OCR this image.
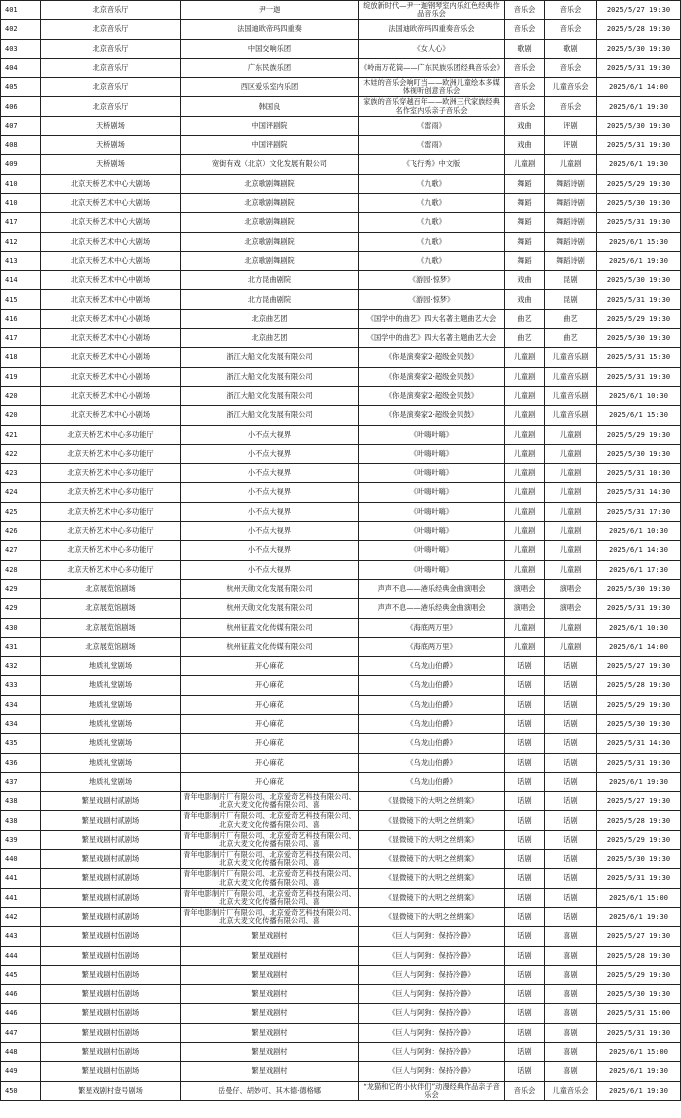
401	北京音乐厅	尹一迦	绽放新时代—尹一迦钢琴室内乐红色经典作品音乐会	音乐会	音乐会	2025/5/27 19:30
402	北京音乐厅	法国迪欧帝玛四重奏	法国迪欧帝玛四重奏音乐会	音乐会	音乐会	2025/5/28 19:30
403	北京音乐厅	中国交响乐团	《女人心》	歌剧	歌剧	2025/5/30 19:30
404	北京音乐厅	广东民族乐团	《岭南万花筒——广东民族乐团经典音乐会》	音乐会	音乐会	2025/5/31 19:30
405	北京音乐厅	西区爱乐室内乐团	木娃的音乐会响叮当——欧洲儿童绘本多媒体视听创意音乐会	音乐会	儿童音乐会	2025/6/1 14:00
406	北京音乐厅	韩国良	家族的音乐穿越百年——欧洲三代家族经典名作室内乐亲子音乐会	音乐会	音乐会	2025/6/1 19:30
407	天桥剧场	中国评剧院	《雷雨》	戏曲	评剧	2025/5/30 19:30
408	天桥剧场	中国评剧院	《雷雨》	戏曲	评剧	2025/5/31 19:30
409	天桥剧场	宽街有戏（北京）文化发展有限公司	《飞行秀》中文版	儿童剧	儿童剧	2025/6/1 19:30
410	北京天桥艺术中心大剧场	北京歌剧舞剧院	《九歌》	舞蹈	舞蹈诗剧	2025/5/29 19:30
410	北京天桥艺术中心大剧场	北京歌剧舞剧院	《九歌》	舞蹈	舞蹈诗剧	2025/5/30 19:30
417	北京天桥艺术中心大剧场	北京歌剧舞剧院	《九歌》	舞蹈	舞蹈诗剧	2025/5/31 19:30
412	北京天桥艺术中心大剧场	北京歌剧舞剧院	《九歌》	舞蹈	舞蹈诗剧	2025/6/1 15:30
413	北京天桥艺术中心大剧场	北京歌剧舞剧院	《九歌》	舞蹈	舞蹈诗剧	2025/6/1 19:30
414	北京天桥艺术中心中剧场	北方昆曲剧院	《游园·惊梦》	戏曲	昆剧	2025/5/30 19:30
415	北京天桥艺术中心中剧场	北方昆曲剧院	《游园·惊梦》	戏曲	昆剧	2025/5/31 19:30
416	北京天桥艺术中心小剧场	北京曲艺团	《国学中的曲艺》四大名著主题曲艺大会	曲艺	曲艺	2025/5/29 19:30
417	北京天桥艺术中心小剧场	北京曲艺团	《国学中的曲艺》四大名著主题曲艺大会	曲艺	曲艺	2025/5/30 19:30
418	北京天桥艺术中心小剧场	浙江大船文化发展有限公司	《你是演奏家2·超级金贝鼓》	儿童剧	儿童音乐剧	2025/5/31 15:30
419	北京天桥艺术中心小剧场	浙江大船文化发展有限公司	《你是演奏家2·超级金贝鼓》	儿童剧	儿童音乐剧	2025/5/31 19:30
420	北京天桥艺术中心小剧场	浙江大船文化发展有限公司	《你是演奏家2·超级金贝鼓》	儿童剧	儿童音乐剧	2025/6/1 10:30
420	北京天桥艺术中心小剧场	浙江大船文化发展有限公司	《你是演奏家2·超级金贝鼓》	儿童剧	儿童音乐剧	2025/6/1 15:30
421	北京天桥艺术中心多功能厅	小不点大视界	《叶嗨叶嗨》	儿童剧	儿童剧	2025/5/29 19:30
422	北京天桥艺术中心多功能厅	小不点大视界	《叶嗨叶嗨》	儿童剧	儿童剧	2025/5/30 19:30
423	北京天桥艺术中心多功能厅	小不点大视界	《叶嗨叶嗨》	儿童剧	儿童剧	2025/5/31 10:30
424	北京天桥艺术中心多功能厅	小不点大视界	《叶嗨叶嗨》	儿童剧	儿童剧	2025/5/31 14:30
425	北京天桥艺术中心多功能厅	小不点大视界	《叶嗨叶嗨》	儿童剧	儿童剧	2025/5/31 17:30
426	北京天桥艺术中心多功能厅	小不点大视界	《叶嗨叶嗨》	儿童剧	儿童剧	2025/6/1 10:30
427	北京天桥艺术中心多功能厅	小不点大视界	《叶嗨叶嗨》	儿童剧	儿童剧	2025/6/1 14:30
428	北京天桥艺术中心多功能厅	小不点大视界	《叶嗨叶嗨》	儿童剧	儿童剧	2025/6/1 17:30
429	北京展览馆剧场	杭州天勋文化发展有限公司	声声不息——港乐经典金曲演唱会	演唱会	演唱会	2025/5/30 19:30
429	北京展览馆剧场	杭州天勋文化发展有限公司	声声不息——港乐经典金曲演唱会	演唱会	演唱会	2025/5/31 19:30
430	北京展览馆剧场	杭州征蓝文化传媒有限公司	《海底两万里》	儿童剧	儿童剧	2025/6/1 10:30
431	北京展览馆剧场	杭州征蓝文化传媒有限公司	《海底两万里》	儿童剧	儿童剧	2025/6/1 14:00
432	地质礼堂剧场	开心麻花	《乌龙山伯爵》	话剧	话剧	2025/5/27 19:30
433	地质礼堂剧场	开心麻花	《乌龙山伯爵》	话剧	话剧	2025/5/28 19:30
434	地质礼堂剧场	开心麻花	《乌龙山伯爵》	话剧	话剧	2025/5/29 19:30
434	地质礼堂剧场	开心麻花	《乌龙山伯爵》	话剧	话剧	2025/5/30 19:30
435	地质礼堂剧场	开心麻花	《乌龙山伯爵》	话剧	话剧	2025/5/31 14:30
436	地质礼堂剧场	开心麻花	《乌龙山伯爵》	话剧	话剧	2025/5/31 19:30
437	地质礼堂剧场	开心麻花	《乌龙山伯爵》	话剧	话剧	2025/6/1 19:30
438	繁星戏剧村贰剧场	青年电影制片厂有限公司、北京爱奇艺科技有限公司、北京大麦文化传播有限公司、喜	《显微镜下的大明之丝绢案》	话剧	话剧	2025/5/27 19:30
438	繁星戏剧村贰剧场	青年电影制片厂有限公司、北京爱奇艺科技有限公司、北京大麦文化传播有限公司、喜	《显微镜下的大明之丝绢案》	话剧	话剧	2025/5/28 19:30
439	繁星戏剧村贰剧场	青年电影制片厂有限公司、北京爱奇艺科技有限公司、北京大麦文化传播有限公司、喜	《显微镜下的大明之丝绢案》	话剧	话剧	2025/5/29 19:30
440	繁星戏剧村贰剧场	青年电影制片厂有限公司、北京爱奇艺科技有限公司、北京大麦文化传播有限公司、喜	《显微镜下的大明之丝绢案》	话剧	话剧	2025/5/30 19:30
441	繁星戏剧村贰剧场	青年电影制片厂有限公司、北京爱奇艺科技有限公司、北京大麦文化传播有限公司、喜	《显微镜下的大明之丝绢案》	话剧	话剧	2025/5/31 19:30
441	繁星戏剧村贰剧场	青年电影制片厂有限公司、北京爱奇艺科技有限公司、北京大麦文化传播有限公司、喜	《显微镜下的大明之丝绢案》	话剧	话剧	2025/6/1 15:00
442	繁星戏剧村贰剧场	青年电影制片厂有限公司、北京爱奇艺科技有限公司、北京大麦文化传播有限公司、喜	《显微镜下的大明之丝绢案》	话剧	话剧	2025/6/1 19:30
443	繁星戏剧村伍剧场	繁星戏剧村	《巨人与阿狗：保持冷静》	话剧	喜剧	2025/5/27 19:30
444	繁星戏剧村伍剧场	繁星戏剧村	《巨人与阿狗：保持冷静》	话剧	喜剧	2025/5/28 19:30
445	繁星戏剧村伍剧场	繁星戏剧村	《巨人与阿狗：保持冷静》	话剧	喜剧	2025/5/29 19:30
446	繁星戏剧村伍剧场	繁星戏剧村	《巨人与阿狗：保持冷静》	话剧	喜剧	2025/5/30 19:30
446	繁星戏剧村伍剧场	繁星戏剧村	《巨人与阿狗：保持冷静》	话剧	喜剧	2025/5/31 15:00
447	繁星戏剧村伍剧场	繁星戏剧村	《巨人与阿狗：保持冷静》	话剧	喜剧	2025/5/31 19:30
448	繁星戏剧村伍剧场	繁星戏剧村	《巨人与阿狗：保持冷静》	话剧	喜剧	2025/6/1 15:00
449	繁星戏剧村伍剧场	繁星戏剧村	《巨人与阿狗：保持冷静》	话剧	喜剧	2025/6/1 19:30
450	繁星戏剧村壹号剧场	岳曼仔、胡妙可、其木德·德格娜	“龙猫和它的小伙伴们”动漫经典作品亲子音乐会	音乐会	儿童音乐会	2025/6/1 19:30
